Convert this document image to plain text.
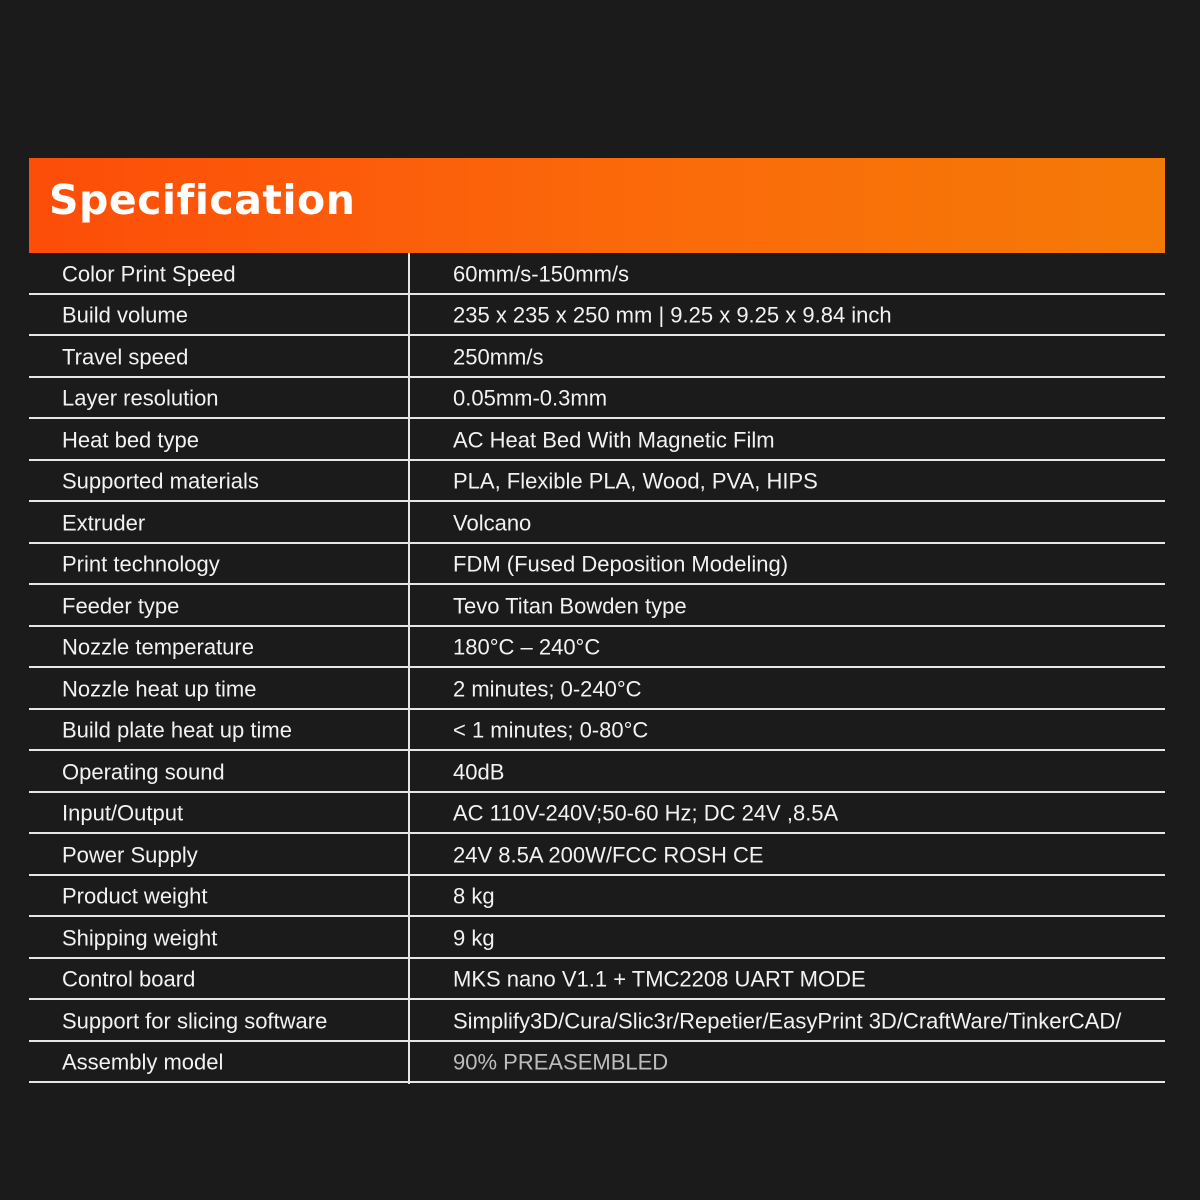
Specification
Color Print Speed	60mm/s-150mm/s
Build volume	235 x 235 x 250 mm | 9.25 x 9.25 x 9.84 inch
Travel speed	250mm/s
Layer resolution	0.05mm-0.3mm
Heat bed type	AC Heat Bed With Magnetic Film
Supported materials	PLA, Flexible PLA, Wood, PVA, HIPS
Extruder	Volcano
Print technology	FDM (Fused Deposition Modeling)
Feeder type	Tevo Titan Bowden type
Nozzle temperature	180°C – 240°C
Nozzle heat up time	2 minutes; 0-240°C
Build plate heat up time	< 1 minutes; 0-80°C
Operating sound	40dB
Input/Output	AC 110V-240V;50-60 Hz; DC 24V ,8.5A
Power Supply	24V 8.5A 200W/FCC ROSH CE
Product weight	8 kg
Shipping weight	9 kg
Control board	MKS nano V1.1 + TMC2208 UART MODE
Support for slicing software	Simplify3D/Cura/Slic3r/Repetier/EasyPrint 3D/CraftWare/TinkerCAD/
Assembly model	90% PREASEMBLED
